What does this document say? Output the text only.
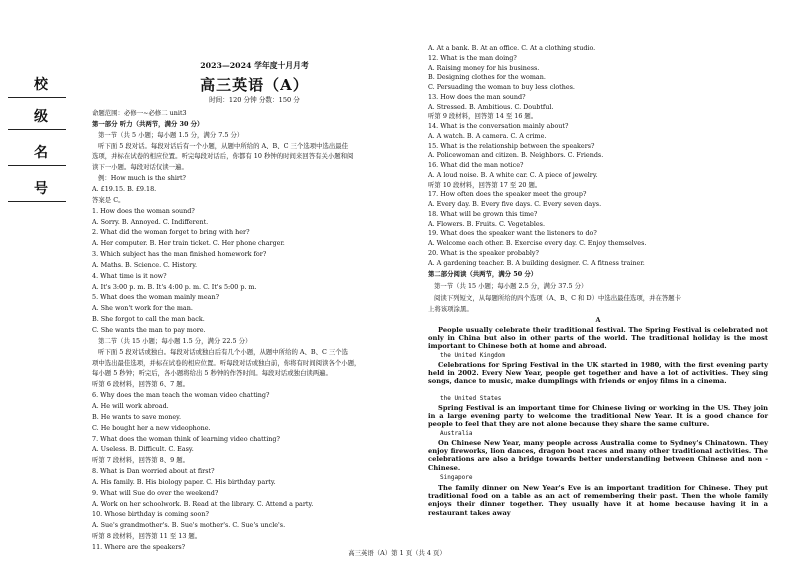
校
级
名
号
2023—2024 学年度十月月考
高三英语（A）
时间：120 分钟 分数：150 分
命题范围：必修一~必修二 unit3
第一部分 听力（共两节，满分 30 分）
第一节（共 5 小题；每小题 1.5 分，满分 7.5 分）
听下面 5 段对话。每段对话后有一个小题，从题中所给的 A、B、C 三个选项中选出最佳
选项，并标在试卷的相应位置。听完每段对话后，你都有 10 秒钟的时间来回答有关小题和阅
读下一小题。每段对话仅读一遍。
例：How much is the shirt?
A. £19.15. B. £9.18.
答案是 C。
1. How does the woman sound?
A. Sorry. B. Annoyed. C. Indifferent.
2. What did the woman forget to bring with her?
A. Her computer. B. Her train ticket. C. Her phone charger.
3. Which subject has the man finished homework for?
A. Maths. B. Science. C. History.
4. What time is it now?
A. It's 3:00 p. m. B. It's 4:00 p. m. C. It's 5:00 p. m.
5. What does the woman mainly mean?
A. She won't work for the man.
B. She forgot to call the man back.
C. She wants the man to pay more.
第二节（共 15 小题；每小题 1.5 分，满分 22.5 分）
听下面 5 段对话或独白。每段对话或独白后有几个小题，从题中所给的 A、B、C 三个选
项中选出最佳选项，并标在试卷的相应位置。听每段对话或独白前，你将有时间阅读各个小题，
每小题 5 秒钟；听完后，各小题将给出 5 秒钟的作答时间。每段对话或独白读两遍。
听第 6 段材料，回答第 6、7 题。
6. Why does the man teach the woman video chatting?
A. He will work abroad.
B. He wants to save money.
C. He bought her a new videophone.
7. What does the woman think of learning video chatting?
A. Useless. B. Difficult. C. Easy.
听第 7 段材料，回答第 8、9 题。
8. What is Dan worried about at first?
A. His family. B. His biology paper. C. His birthday party.
9. What will Sue do over the weekend?
A. Work on her schoolwork. B. Read at the library. C. Attend a party.
10. Whose birthday is coming soon?
A. Sue's grandmother's. B. Sue's mother's. C. Sue's uncle's.
听第 8 段材料，回答第 11 至 13 题。
11. Where are the speakers?
A. At a bank. B. At an office. C. At a clothing studio.
12. What is the man doing?
A. Raising money for his business.
B. Designing clothes for the woman.
C. Persuading the woman to buy less clothes.
13. How does the man sound?
A. Stressed. B. Ambitious. C. Doubtful.
听第 9 段材料，回答第 14 至 16 题。
14. What is the conversation mainly about?
A. A watch. B. A camera. C. A crime.
15. What is the relationship between the speakers?
A. Policewoman and citizen. B. Neighbors. C. Friends.
16. What did the man notice?
A. A loud noise. B. A white car. C. A piece of jewelry.
听第 10 段材料，回答第 17 至 20 题。
17. How often does the speaker meet the group?
A. Every day. B. Every five days. C. Every seven days.
18. What will be grown this time?
A. Flowers. B. Fruits. C. Vegetables.
19. What does the speaker want the listeners to do?
A. Welcome each other. B. Exercise every day. C. Enjoy themselves.
20. What is the speaker probably?
A. A gardening teacher. B. A building designer. C. A fitness trainer.
第二部分阅读（共两节，满分 50 分）
第一节（共 15 小题；每小题 2.5 分，满分 37.5 分）
阅读下列短文，从每题所给的四个选项（A、B、C 和 D）中选出最佳选项，并在答题卡
上将该项涂黑。
A
People usually celebrate their traditional festival. The Spring Festival is celebrated not only in China but also in other parts of the world. The traditional holiday is the most important to Chinese both at home and abroad.
the United Kingdom
Celebrations for Spring Festival in the UK started in 1980, with the first evening party held in 2002. Every New Year, people get together and have a lot of activities. They sing songs, dance to music, make dumplings with friends or enjoy films in a cinema.
the United States
Spring Festival is an important time for Chinese living or working in the US. They join in a large evening party to welcome the traditional New Year. It is a good chance for people to feel that they are not alone because they share the same culture.
Australia
On Chinese New Year, many people across Australia come to Sydney's Chinatown. They enjoy fireworks, lion dances, dragon boat races and many other traditional activities. The celebrations are also a bridge towards better understanding between Chinese and non - Chinese.
Singapore
The family dinner on New Year's Eve is an important tradition for Chinese. They put traditional food on a table as an act of remembering their past. Then the whole family enjoys their dinner together. They usually have it at home because having it in a restaurant takes away
高三英语（A）第 1 页（共 4 页）
